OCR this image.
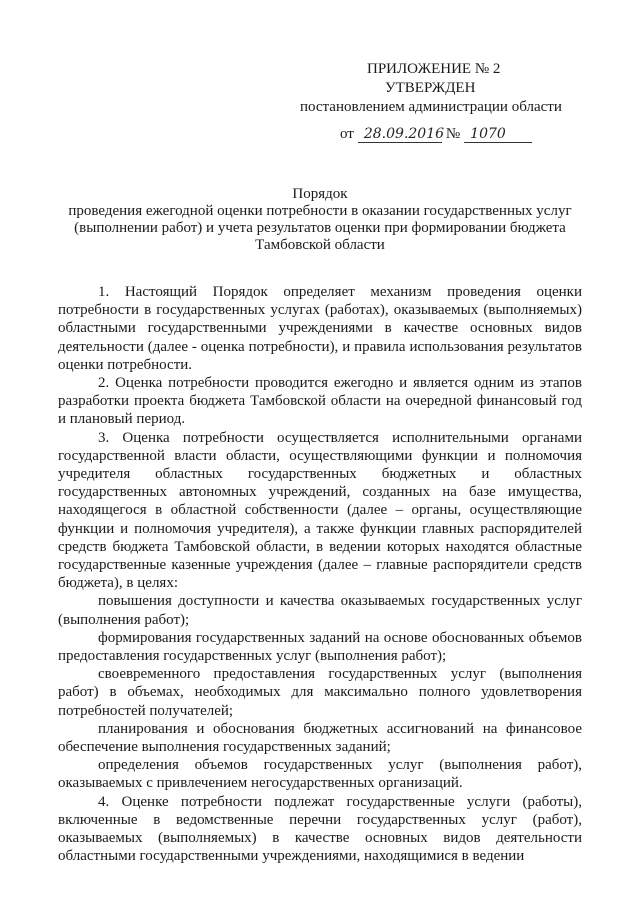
ПРИЛОЖЕНИЕ № 2
УТВЕРЖДЕН
постановлением администрации области
от 28.09.2016 № 1070
Порядок
проведения ежегодной оценки потребности в оказании государственных услуг (выполнении работ) и учета результатов оценки при формировании бюджета Тамбовской области

1. Настоящий Порядок определяет механизм проведения оценки потребности в государственных услугах (работах), оказываемых (выполняемых) областными государственными учреждениями в качестве основных видов деятельности (далее - оценка потребности), и правила использования результатов оценки потребности.

2. Оценка потребности проводится ежегодно и является одним из этапов разработки проекта бюджета Тамбовской области на очередной финансовый год и плановый период.

3. Оценка потребности осуществляется исполнительными органами государственной власти области, осуществляющими функции и полномочия учредителя областных государственных бюджетных и областных государственных автономных учреждений, созданных на базе имущества, находящегося в областной собственности (далее – органы, осуществляющие функции и полномочия учредителя), а также функции главных распорядителей средств бюджета Тамбовской области, в ведении которых находятся областные государственные казенные учреждения (далее – главные распорядители средств бюджета), в целях:

повышения доступности и качества оказываемых государственных услуг (выполнения работ);

формирования государственных заданий на основе обоснованных объемов предоставления государственных услуг (выполнения работ);

своевременного предоставления государственных услуг (выполнения работ) в объемах, необходимых для максимально полного удовлетворения потребностей получателей;

планирования и обоснования бюджетных ассигнований на финансовое обеспечение выполнения государственных заданий;

определения объемов государственных услуг (выполнения работ), оказываемых с привлечением негосударственных организаций.

4. Оценке потребности подлежат государственные услуги (работы), включенные в ведомственные перечни государственных услуг (работ), оказываемых (выполняемых) в качестве основных видов деятельности областными государственными учреждениями, находящимися в ведении
